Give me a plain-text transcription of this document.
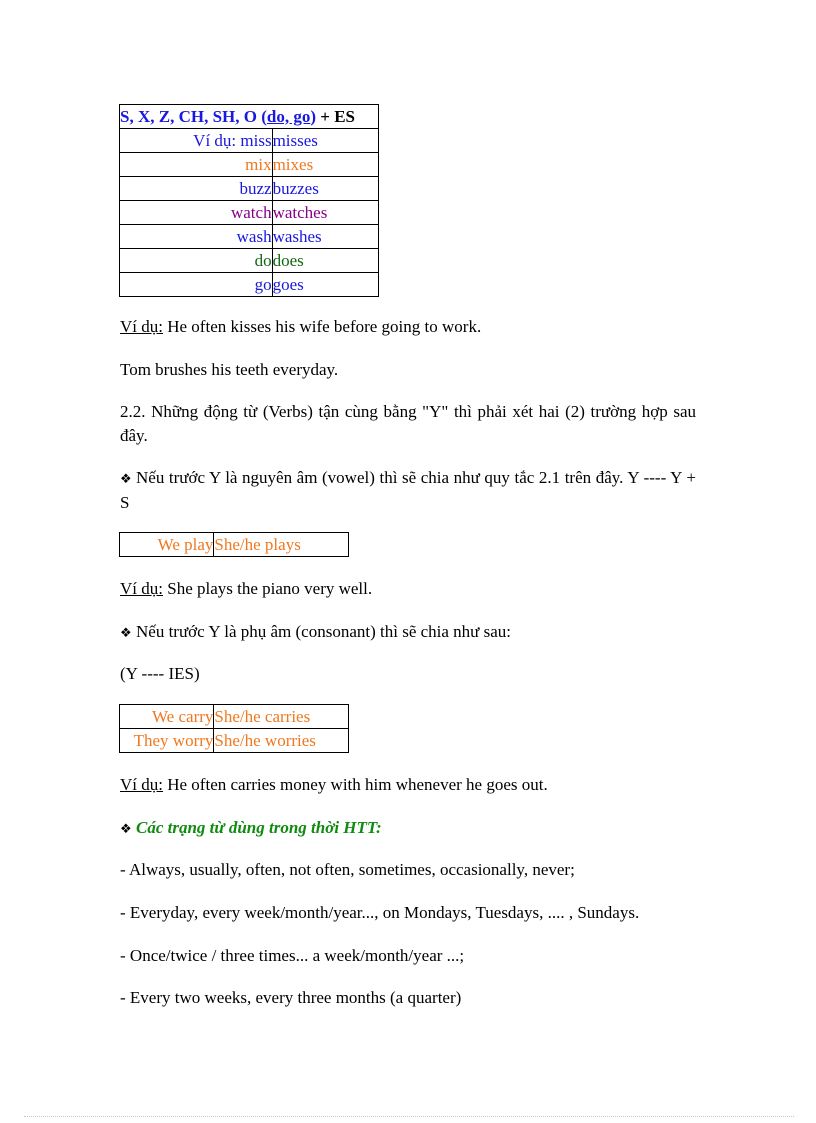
S, X, Z, CH, SH, O (do, go) + ES	
Ví dụ: miss	misses
mix	mixes
buzz	buzzes
watch	watches
wash	washes
do	does
go	goes

Ví dụ: He often kisses his wife before going to work.

Tom brushes his teeth everyday.

2.2. Những động từ (Verbs) tận cùng bằng "Y" thì phải xét hai (2) trường hợp sau đây.

❖ Nếu trước Y là nguyên âm (vowel) thì sẽ chia như quy tắc 2.1 trên đây. Y ---- Y + S

We play	She/he plays

Ví dụ: She plays the piano very well.

❖ Nếu trước Y là phụ âm (consonant) thì sẽ chia như sau:

(Y ---- IES)

We carry	She/he carries
They worry	She/he worries

Ví dụ: He often carries money with him whenever he goes out.

❖ Các trạng từ dùng trong thời HTT:

- Always, usually, often, not often, sometimes, occasionally, never;

- Everyday, every week/month/year..., on Mondays, Tuesdays, .... , Sundays.

- Once/twice / three times... a week/month/year ...;

- Every two weeks, every three months (a quarter)
